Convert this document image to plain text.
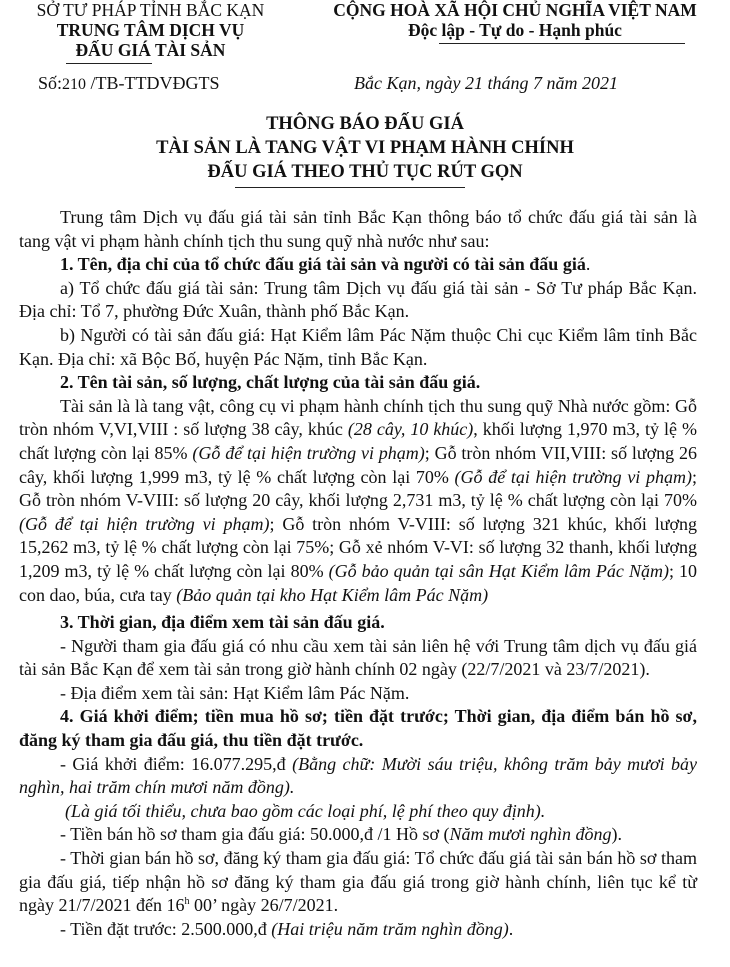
SỞ TƯ PHÁP TỈNH BẮC KẠN
TRUNG TÂM DỊCH VỤ
ĐẤU GIÁ TÀI SẢN
CỘNG HOÀ XÃ HỘI CHỦ NGHĨA VIỆT NAM
Độc lập - Tự do - Hạnh phúc
Số:210 /TB-TTDVĐGTS	Bắc Kạn, ngày 21 tháng 7 năm 2021
THÔNG BÁO ĐẤU GIÁ
TÀI SẢN LÀ TANG VẬT VI PHẠM HÀNH CHÍNH
ĐẤU GIÁ THEO THỦ TỤC RÚT GỌN

Trung tâm Dịch vụ đấu giá tài sản tỉnh Bắc Kạn thông báo tổ chức đấu giá tài sản là tang vật vi phạm hành chính tịch thu sung quỹ nhà nước như sau:

1. Tên, địa chỉ của tổ chức đấu giá tài sản và người có tài sản đấu giá.

a) Tổ chức đấu giá tài sản: Trung tâm Dịch vụ đấu giá tài sản - Sở Tư pháp Bắc Kạn. Địa chỉ: Tổ 7, phường Đức Xuân, thành phố Bắc Kạn.

b) Người có tài sản đấu giá: Hạt Kiểm lâm Pác Nặm thuộc Chi cục Kiểm lâm tỉnh Bắc Kạn. Địa chỉ: xã Bộc Bố, huyện Pác Nặm, tỉnh Bắc Kạn.

2. Tên tài sản, số lượng, chất lượng của tài sản đấu giá.

Tài sản là là tang vật, công cụ vi phạm hành chính tịch thu sung quỹ Nhà nước gồm: Gỗ tròn nhóm V,VI,VIII : số lượng 38 cây, khúc (28 cây, 10 khúc), khối lượng 1,970 m3, tỷ lệ % chất lượng còn lại 85% (Gỗ để tại hiện trường vi phạm); Gỗ tròn nhóm VII,VIII: số lượng 26 cây, khối lượng 1,999 m3, tỷ lệ % chất lượng còn lại 70% (Gỗ để tại hiện trường vi phạm); Gỗ tròn nhóm V-VIII: số lượng 20 cây, khối lượng 2,731 m3, tỷ lệ % chất lượng còn lại 70% (Gỗ để tại hiện trường vi phạm); Gỗ tròn nhóm V-VIII: số lượng 321 khúc, khối lượng 15,262 m3, tỷ lệ % chất lượng còn lại 75%; Gỗ xẻ nhóm V-VI: số lượng 32 thanh, khối lượng 1,209 m3, tỷ lệ % chất lượng còn lại 80% (Gỗ bảo quản tại sân Hạt Kiểm lâm Pác Nặm); 10 con dao, búa, cưa tay (Bảo quản tại kho Hạt Kiểm lâm Pác Nặm)

3. Thời gian, địa điểm xem tài sản đấu giá.

- Người tham gia đấu giá có nhu cầu xem tài sản liên hệ với Trung tâm dịch vụ đấu giá tài sản Bắc Kạn để xem tài sản trong giờ hành chính 02 ngày (22/7/2021 và 23/7/2021).

- Địa điểm xem tài sản: Hạt Kiểm lâm Pác Nặm.

4. Giá khởi điểm; tiền mua hồ sơ; tiền đặt trước; Thời gian, địa điểm bán hồ sơ, đăng ký tham gia đấu giá, thu tiền đặt trước.

- Giá khởi điểm: 16.077.295,đ (Bằng chữ: Mười sáu triệu, không trăm bảy mươi bảy nghìn, hai trăm chín mươi năm đồng).

(Là giá tối thiểu, chưa bao gồm các loại phí, lệ phí theo quy định).

- Tiền bán hồ sơ tham gia đấu giá: 50.000,đ /1 Hồ sơ (Năm mươi nghìn đồng).

- Thời gian bán hồ sơ, đăng ký tham gia đấu giá: Tổ chức đấu giá tài sản bán hồ sơ tham gia đấu giá, tiếp nhận hồ sơ đăng ký tham gia đấu giá trong giờ hành chính, liên tục kể từ ngày 21/7/2021 đến 16$^h$ 00’ ngày 26/7/2021.

- Tiền đặt trước: 2.500.000,đ (Hai triệu năm trăm nghìn đồng).
